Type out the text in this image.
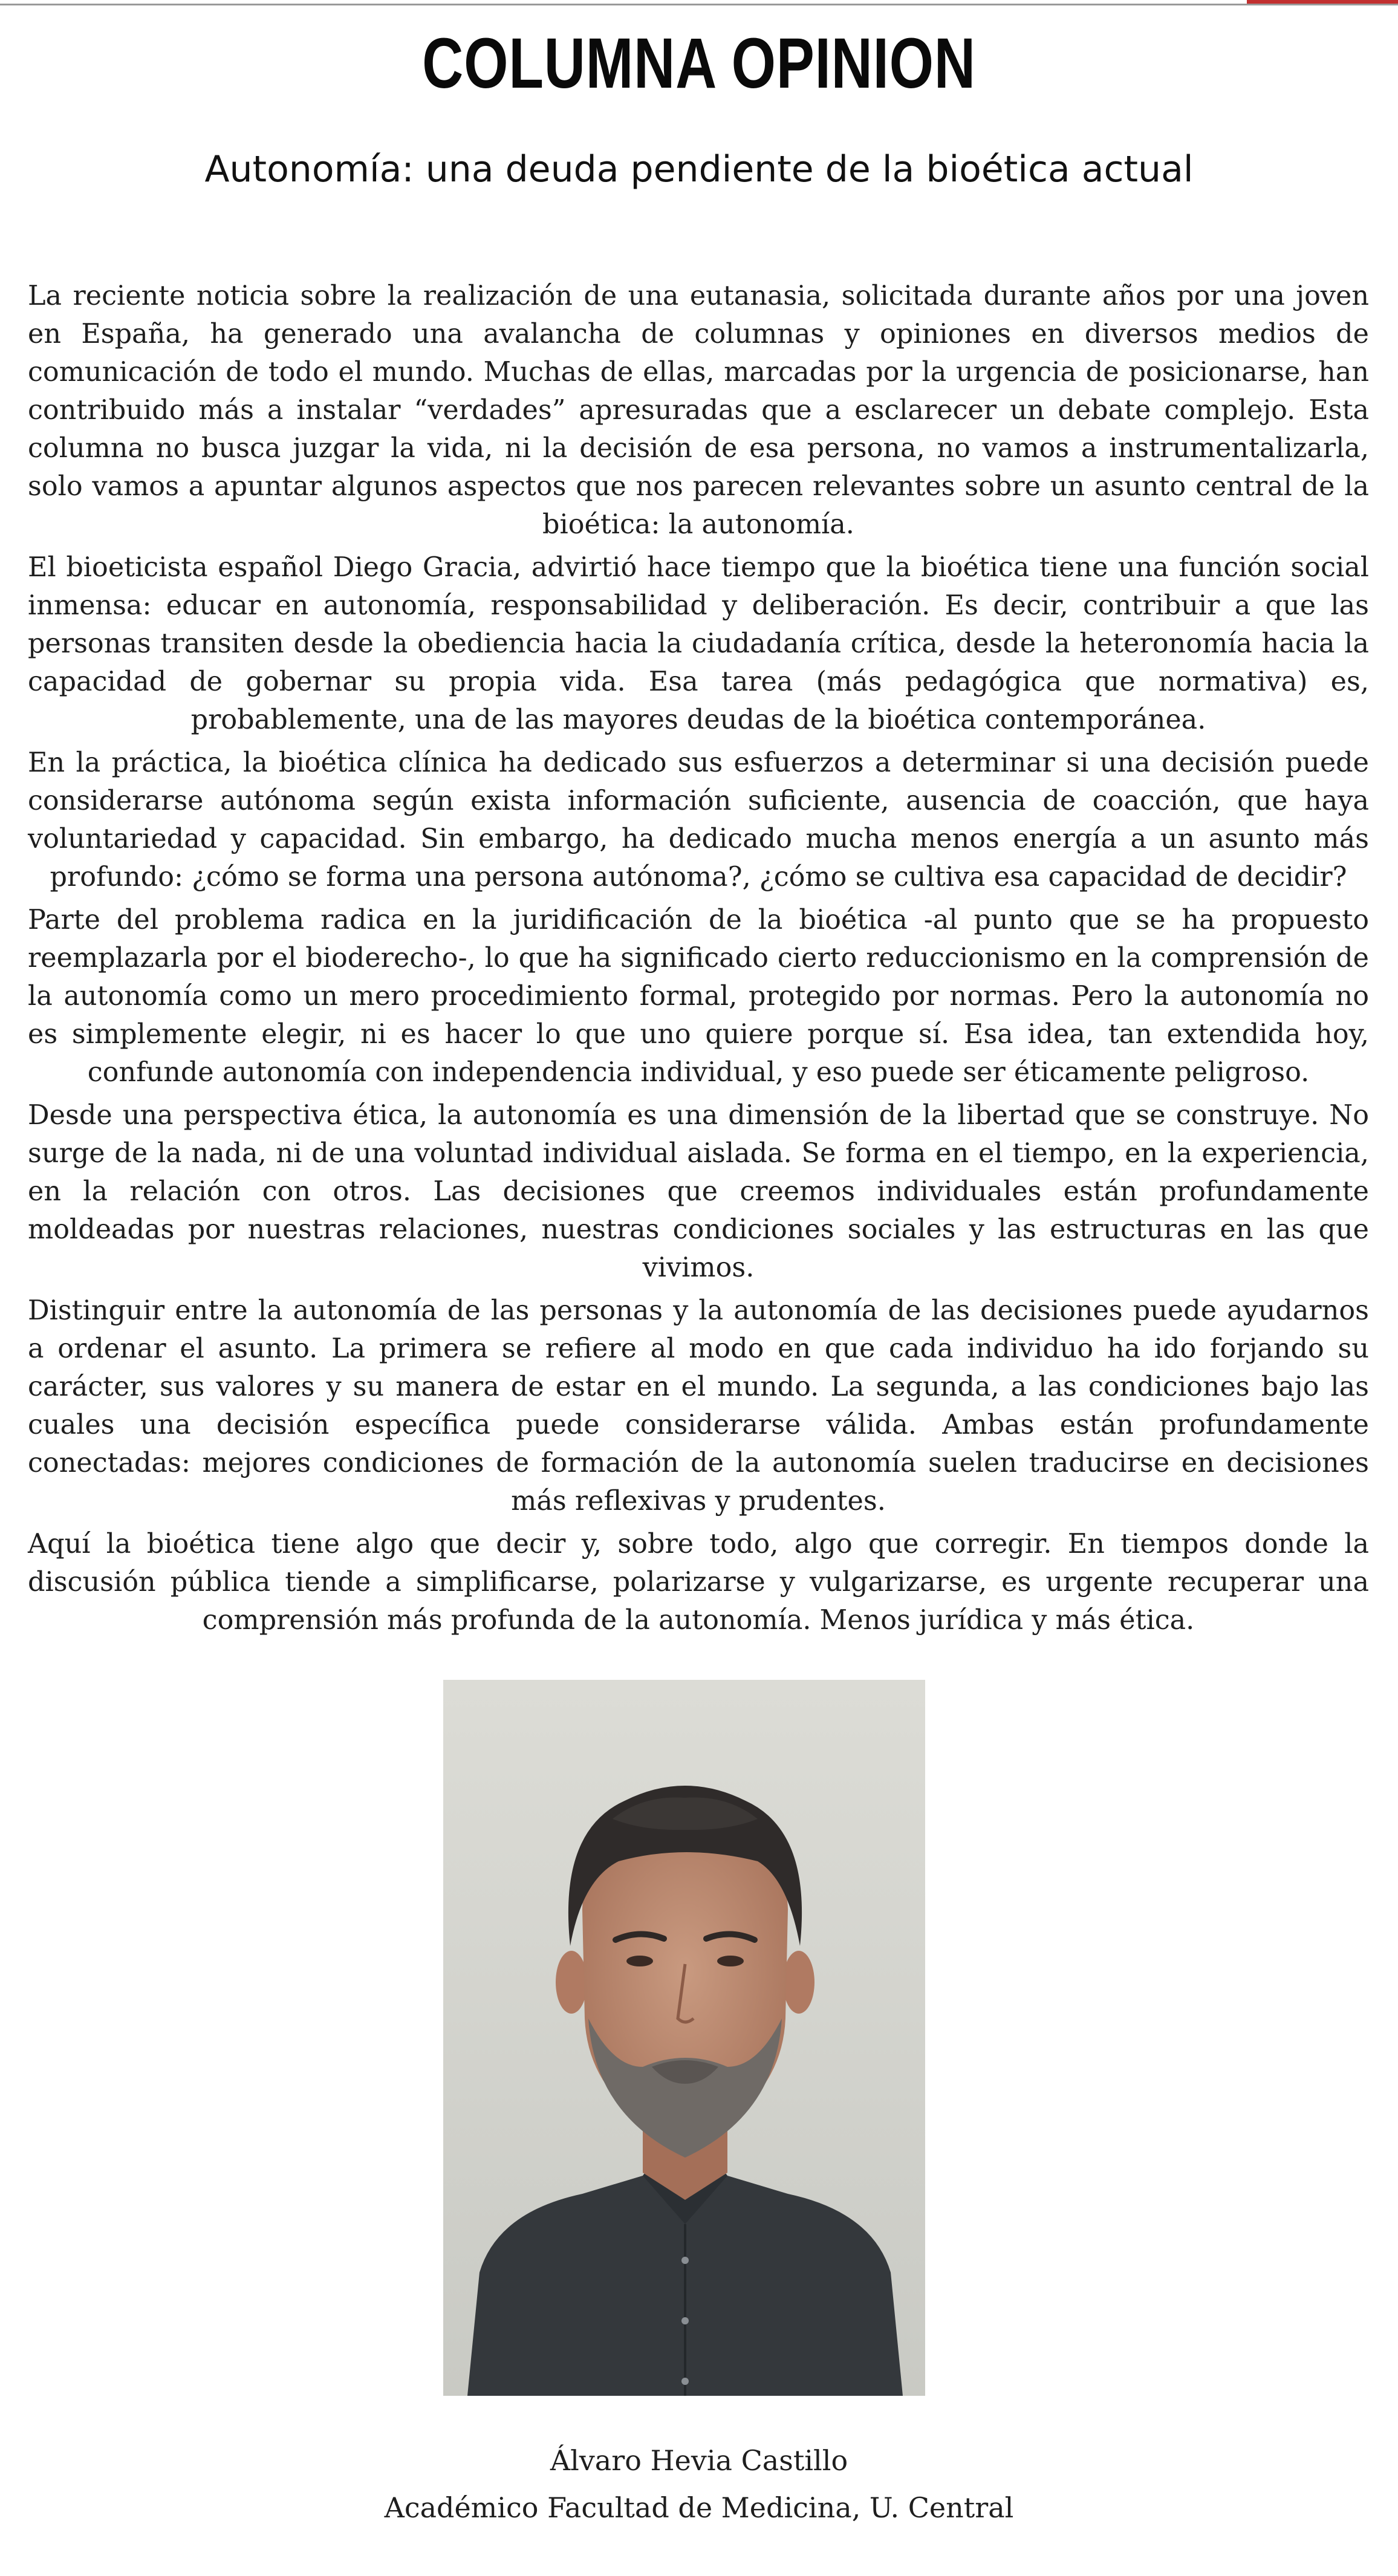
COLUMNA OPINION
Autonomía: una deuda pendiente de la bioética actual

La reciente noticia sobre la realización de una eutanasia, solicitada durante años por una joven en España, ha generado una avalancha de columnas y opiniones en diversos medios de comunicación de todo el mundo. Muchas de ellas, marcadas por la urgencia de posicionarse, han contribuido más a instalar “verdades” apresuradas que a esclarecer un debate complejo. Esta columna no busca juzgar la vida, ni la decisión de esa persona, no vamos a instrumentalizarla, solo vamos a apuntar algunos aspectos que nos parecen relevantes sobre un asunto central de la bioética: la autonomía.

El bioeticista español Diego Gracia, advirtió hace tiempo que la bioética tiene una función social inmensa: educar en autonomía, responsabilidad y deliberación. Es decir, contribuir a que las personas transiten desde la obediencia hacia la ciudadanía crítica, desde la heteronomía hacia la capacidad de gobernar su propia vida. Esa tarea (más pedagógica que normativa) es, probablemente, una de las mayores deudas de la bioética contemporánea.

En la práctica, la bioética clínica ha dedicado sus esfuerzos a determinar si una decisión puede considerarse autónoma según exista información suficiente, ausencia de coacción, que haya voluntariedad y capacidad. Sin embargo, ha dedicado mucha menos energía a un asunto más profundo: ¿cómo se forma una persona autónoma?, ¿cómo se cultiva esa capacidad de decidir?

Parte del problema radica en la juridificación de la bioética -al punto que se ha propuesto reemplazarla por el bioderecho-, lo que ha significado cierto reduccionismo en la comprensión de la autonomía como un mero procedimiento formal, protegido por normas. Pero la autonomía no es simplemente elegir, ni es hacer lo que uno quiere porque sí. Esa idea, tan extendida hoy, confunde autonomía con independencia individual, y eso puede ser éticamente peligroso.

Desde una perspectiva ética, la autonomía es una dimensión de la libertad que se construye. No surge de la nada, ni de una voluntad individual aislada. Se forma en el tiempo, en la experiencia, en la relación con otros. Las decisiones que creemos individuales están profundamente moldeadas por nuestras relaciones, nuestras condiciones sociales y las estructuras en las que vivimos.

Distinguir entre la autonomía de las personas y la autonomía de las decisiones puede ayudarnos a ordenar el asunto. La primera se refiere al modo en que cada individuo ha ido forjando su carácter, sus valores y su manera de estar en el mundo. La segunda, a las condiciones bajo las cuales una decisión específica puede considerarse válida. Ambas están profundamente conectadas: mejores condiciones de formación de la autonomía suelen traducirse en decisiones más reflexivas y prudentes.

Aquí la bioética tiene algo que decir y, sobre todo, algo que corregir. En tiempos donde la discusión pública tiende a simplificarse, polarizarse y vulgarizarse, es urgente recuperar una comprensión más profunda de la autonomía. Menos jurídica y más ética.

Álvaro Hevia Castillo
Académico Facultad de Medicina, U. Central
